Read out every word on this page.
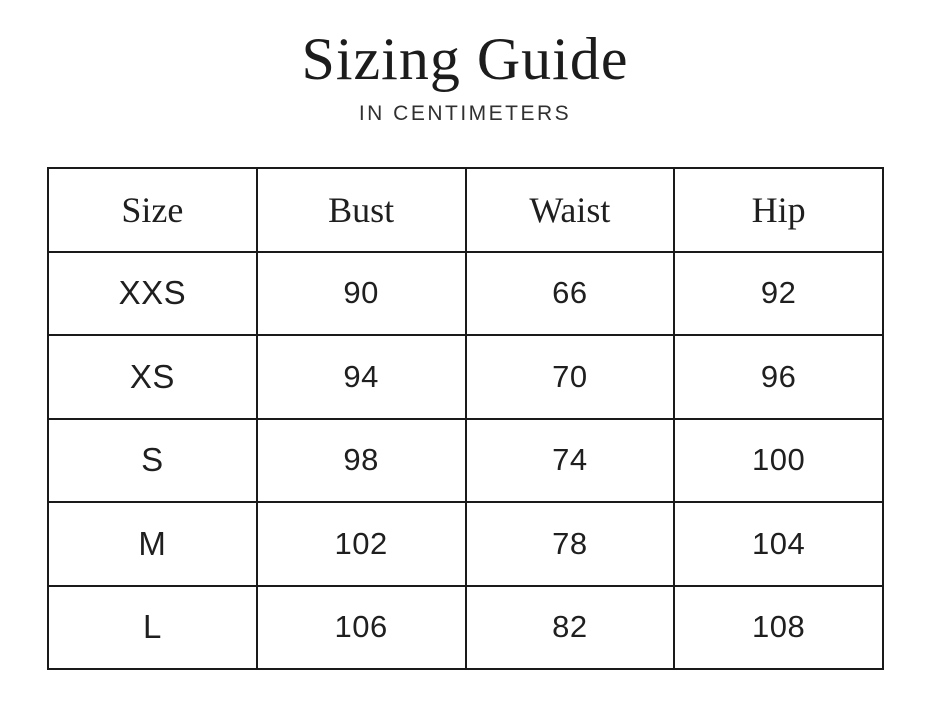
Sizing Guide
IN CENTIMETERS
Size	Bust	Waist	Hip
XXS	90	66	92
XS	94	70	96
S	98	74	100
M	102	78	104
L	106	82	108
